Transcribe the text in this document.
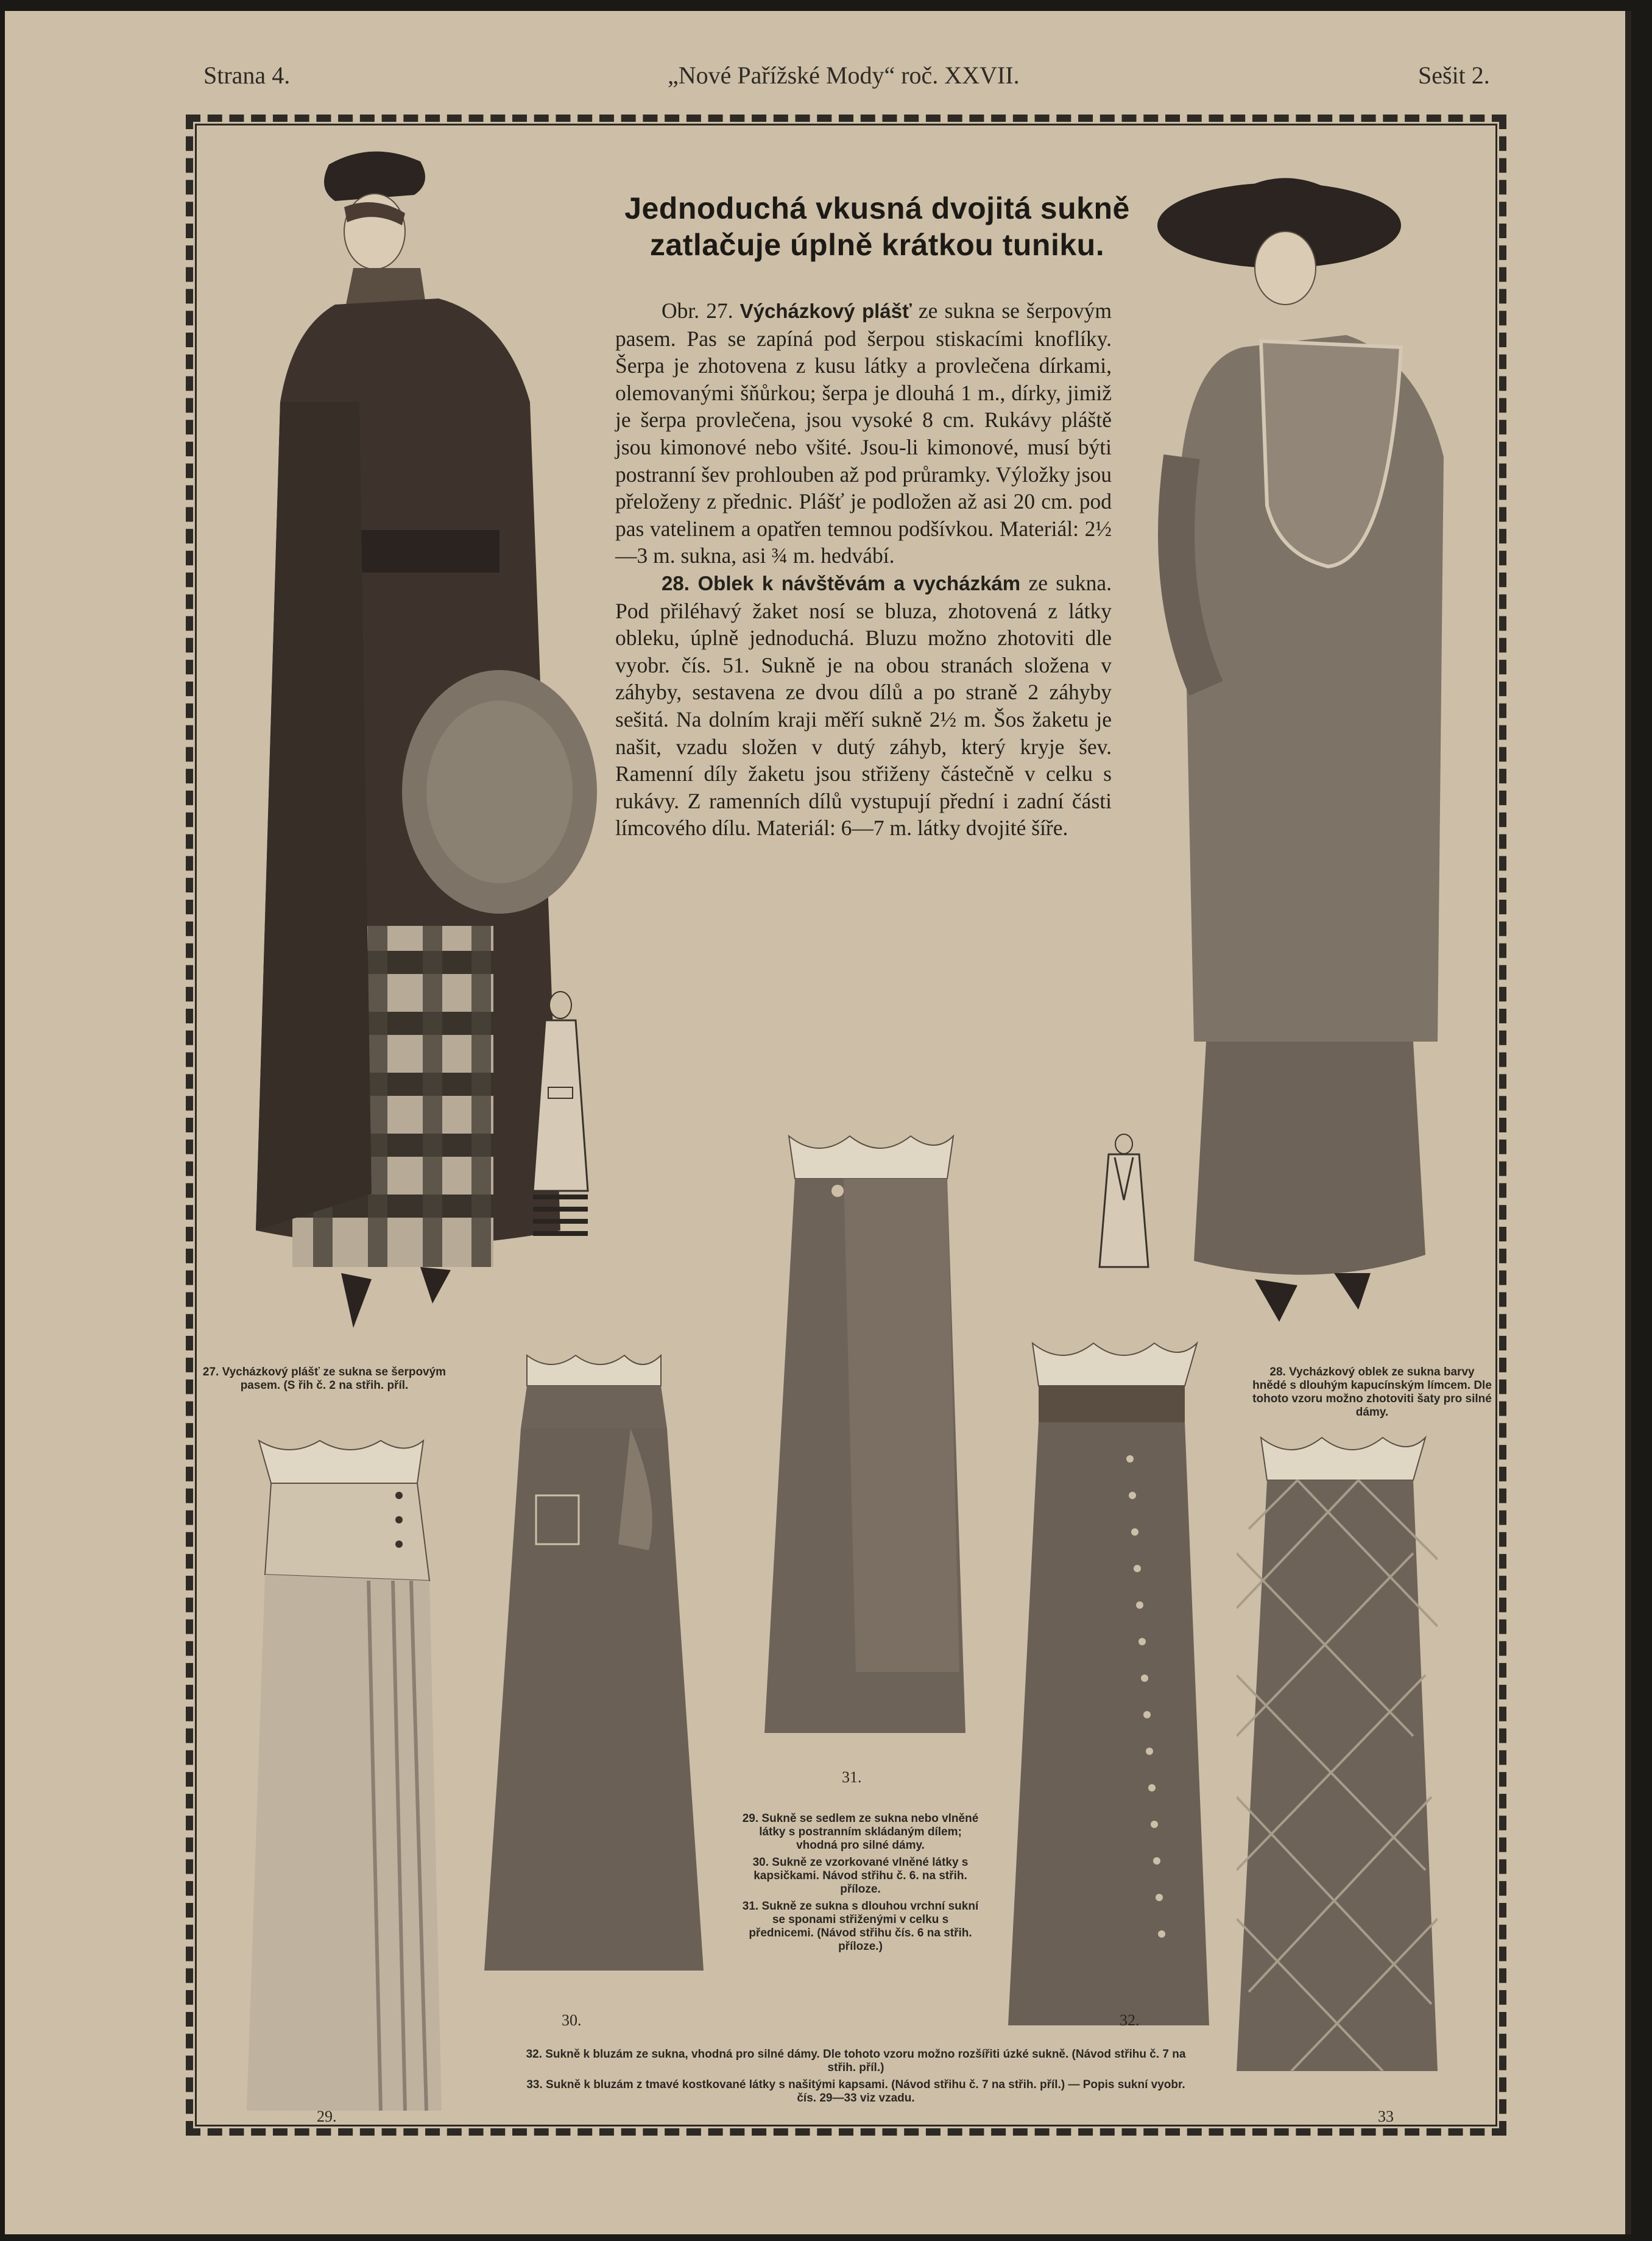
Strana 4.	„Nové Pařížské Mody“ roč. XXVII.	Sešit 2.
Jednoduchá vkusná dvojitá sukně
zatlačuje úplně krátkou tuniku.

Obr. 27. Výcházkový plášť ze sukna se šerpovým pasem. Pas se zapíná pod šerpou stiskacími knoflíky. Šerpa je zhotovena z kusu látky a provlečena dírkami, olemovanými šňůrkou; šerpa je dlouhá 1 m., dírky, jimiž je šerpa provlečena, jsou vysoké 8 cm. Rukávy pláště jsou kimonové nebo všité. Jsou-li kimonové, musí býti postranní šev prohlouben až pod průramky. Výložky jsou přeloženy z přednic. Plášť je podložen až asi 20 cm. pod pas vatelinem a opatřen temnou podšívkou. Materiál: 2½—3 m. sukna, asi ¾ m. hedvábí.

28. Oblek k návštěvám a vycházkám ze sukna. Pod přiléhavý žaket nosí se bluza, zhotovená z látky obleku, úplně jednoduchá. Bluzu možno zhotoviti dle vyobr. čís. 51. Sukně je na obou stranách složena v záhyby, sestavena ze dvou dílů a po straně 2 záhyby sešitá. Na dolním kraji měří sukně 2½ m. Šos žaketu je našit, vzadu složen v dutý záhyb, který kryje šev. Ramenní díly žaketu jsou střiženy částečně v celku s rukávy. Z ramenních dílů vystupují přední i zadní části límcového dílu. Materiál: 6—7 m. látky dvojité šíře.

27. Vycházkový plášť ze sukna se šerpovým pasem. (S řih č. 2 na střih. příl.
28. Vycházkový oblek ze sukna barvy hnědé s dlouhým kapucínským límcem. Dle tohoto vzoru možno zhotoviti šaty pro silné dámy.

29. Sukně se sedlem ze sukna nebo vlněné látky s postranním skládaným dílem; vhodná pro silné dámy.

30. Sukně ze vzorkované vlněné látky s kapsičkami. Návod střihu č. 6. na střih. příloze.

31. Sukně ze sukna s dlouhou vrchní sukní se sponami střiženými v celku s přednicemi. (Návod střihu čís. 6 na střih. příloze.)

32. Sukně k bluzám ze sukna, vhodná pro silné dámy. Dle tohoto vzoru možno rozšířiti úzké sukně. (Návod střihu č. 7 na střih. příl.)

33. Sukně k bluzám z tmavé kostkované látky s našitými kapsami. (Návod střihu č. 7 na střih. příl.) — Popis sukní vyobr. čís. 29—33 viz vzadu.

29.
30.
31.
32.
33
